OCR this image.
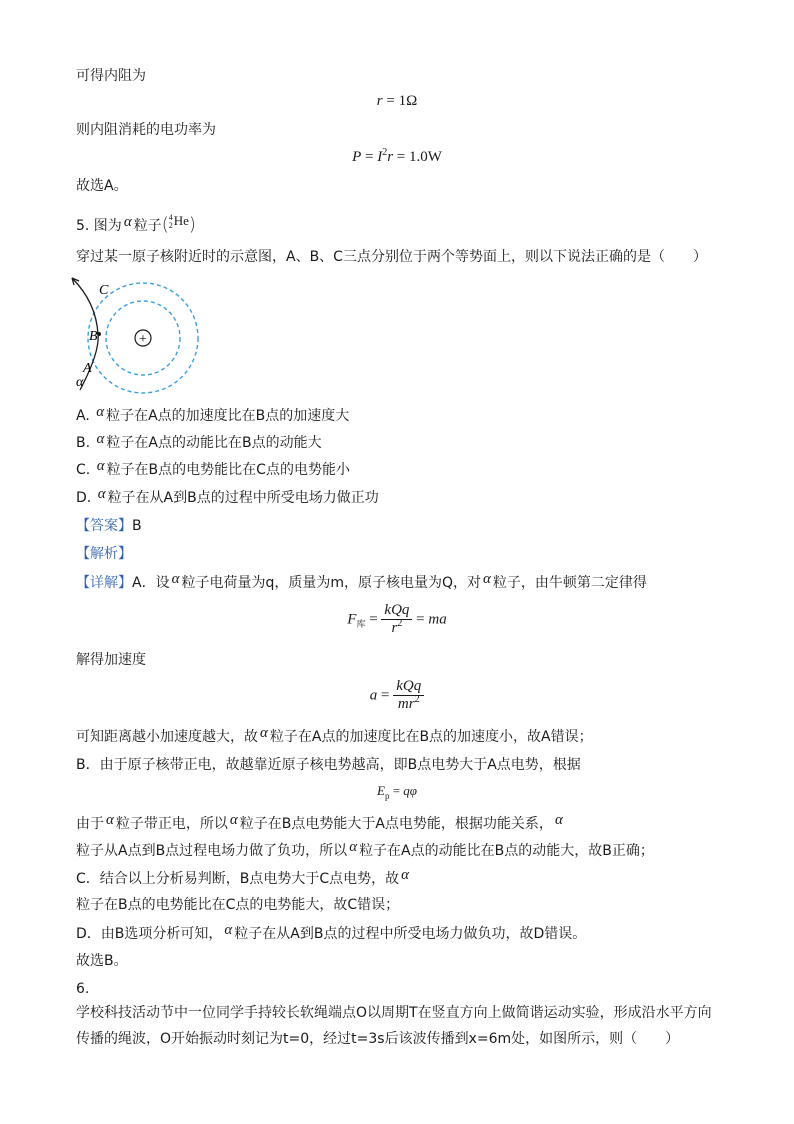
可得内阻为
r = 1Ω
则内阻消耗的电功率为
$P = I^2r = 1.0W$
故选A。
5. 图为 α 粒子(4
2He)
穿过某一原子核附近时的示意图，A、B、C三点分别位于两个等势面上，则以下说法正确的是（　　）
+
C
B
A
α
A. α 粒子在A点的加速度比在B点的加速度大
B. α 粒子在A点的动能比在B点的动能大
C. α 粒子在B点的电势能比在C点的电势能小
D. α 粒子在从A到B点的过程中所受电场力做正功
【答案】B
【解析】
【详解】A．设 α 粒子电荷量为q，质量为m，原子核电量为Q，对 α 粒子，由牛顿第二定律得
$F_库 = \frac{\text{kQq}}{r^2}$ = ma
解得加速度
$a = \frac{\text{kQq}}{mr^2}$
可知距离越小加速度越大，故 α 粒子在A点的加速度比在B点的加速度小，故A错误；
B．由于原子核带正电，故越靠近原子核电势越高，即B点电势大于A点电势，根据
$E_p = q\varphi$
由于 α 粒子带正电，所以 α 粒子在B点电势能大于A点电势能，根据功能关系， α
粒子从A点到B点过程电场力做了负功，所以 α 粒子在A点的动能比在B点的动能大，故B正确；
C．结合以上分析易判断，B点电势大于C点电势，故 α
粒子在B点的电势能比在C点的电势能大，故C错误；
D．由B选项分析可知， α 粒子在从A到B点的过程中所受电场力做负功，故D错误。
故选B。
6.
学校科技活动节中一位同学手持较长软绳端点O以周期T在竖直方向上做简谐运动实验，形成沿水平方向
传播的绳波，O开始振动时刻记为t=0，经过t=3s后该波传播到x=6m处，如图所示，则（　　）
